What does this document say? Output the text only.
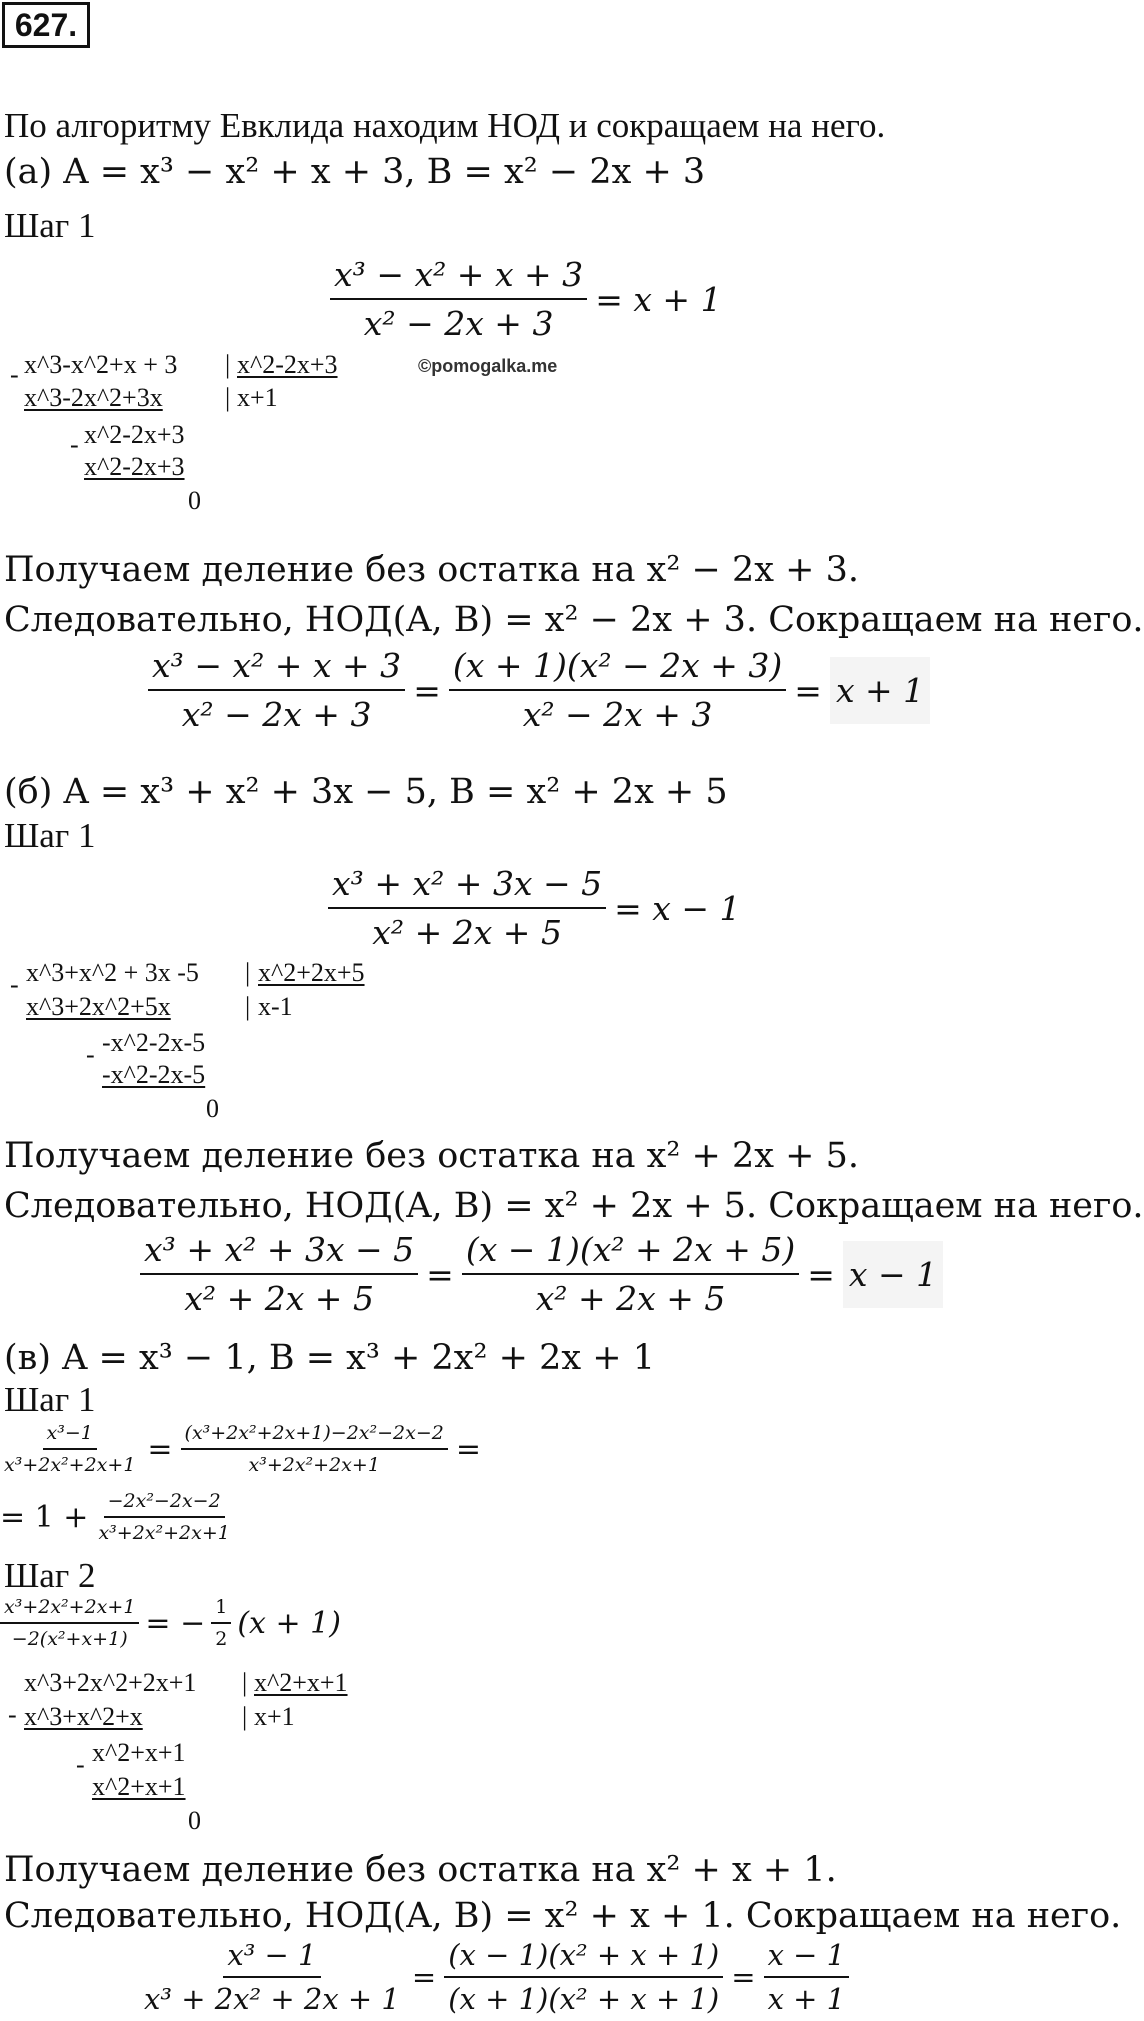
627.
По алгоритму Евклида находим НОД и сокращаем на него.
(а) A = x³ − x² + x + 3, B = x² − 2x + 3
Шаг 1
$\frac{\text{x³ − x² + x + 3}}{\text{x² − 2x + 3}} = x + 1$
- x^3-x^2+x + 3 | x^2-2x+3	©pomogalka.me
x^3-2x^2+3x | x+1
- x^2-2x+3
x^2-2x+3
0
Получаем деление без остатка на x² − 2x + 3.
Следовательно, НОД(A, B) = x² − 2x + 3. Сокращаем на него.
$\frac{\text{x³ − x² + x + 3}}{\text{x² − 2x + 3}} = \frac{\text{(x + 1)(x² − 2x + 3)}}{\text{x² − 2x + 3}} = x + 1$
(б) A = x³ + x² + 3x − 5, B = x² + 2x + 5
Шаг 1
$\frac{\text{x³ + x² + 3x − 5}}{\text{x² + 2x + 5}} = x - 1$
- x^3+x^2 + 3x -5 | x^2+2x+5
x^3+2x^2+5x	| x-1
- -x^2-2x-5
-x^2-2x-5
0
Получаем деление без остатка на x² + 2x + 5.
Следовательно, НОД(A, B) = x² + 2x + 5. Сокращаем на него.
$\frac{\text{x³ + x² + 3x − 5}}{\text{x² + 2x + 5}} = \frac{\text{(x − 1)(x² + 2x + 5)}}{\text{x² + 2x + 5}} = x - 1$
(в) A = x³ − 1, B = x³ + 2x² + 2x + 1
Шаг 1
$\frac{\text{x³−1}}{\text{x³+2x²+2x+1}} = \frac{\text{(x³+2x²+2x+1)−2x²−2x−2}}{\text{x³+2x²+2x+1}}$ =
= $1 + \frac{\text{−2x²−2x−2}}{\text{x³+2x²+2x+1}}$
Шаг 2
$\frac{\text{x³+2x²+2x+1}}{\text{−2(x²+x+1)}}$ = − $\frac{1}{2} (x + 1)$
-
x^3+2x^2+2x+1 | x^2+x+1
x^3+x^2+x	| x+1
- x^2+x+1
x^2+x+1
0
Получаем деление без остатка на x² + x + 1.
Следовательно, НОД(A, B) = x² + x + 1. Сокращаем на него.
$\frac{\text{x³ − 1}}{\text{x³ + 2x² + 2x + 1}} = \frac{\text{(x − 1)(x² + x + 1)}}{\text{(x + 1)(x² + x + 1)}} = \frac{x - 1}{x + 1}$
